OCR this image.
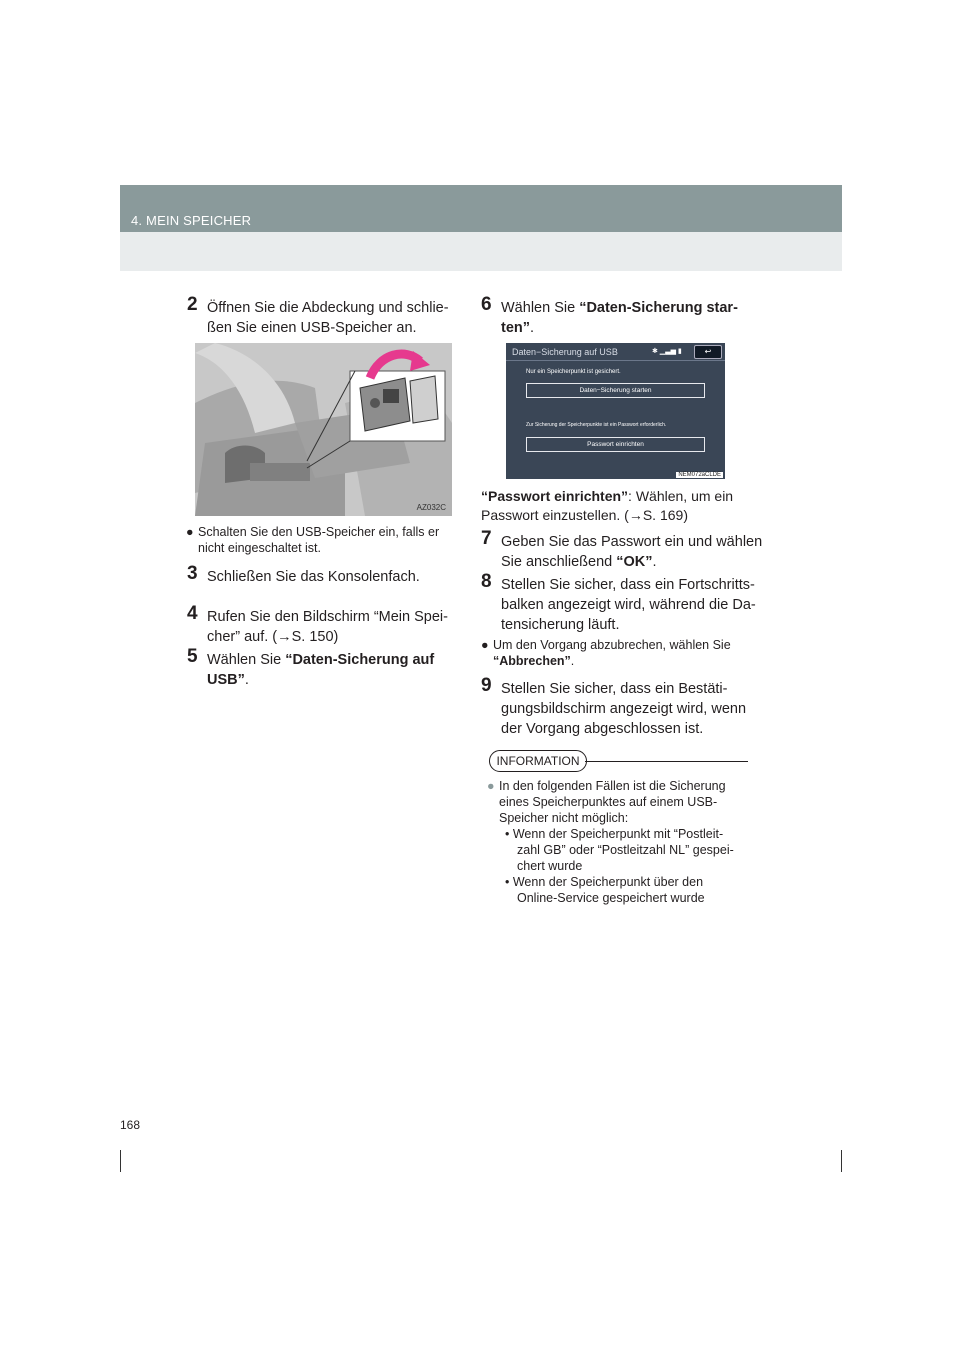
4. MEIN SPEICHER
2 Öffnen Sie die Abdeckung und schlie-
ßen Sie einen USB-Speicher an.
AZ032C
● Schalten Sie den USB-Speicher ein, falls er
nicht eingeschaltet ist.
3 Schließen Sie das Konsolenfach.
4 Rufen Sie den Bildschirm “Mein Spei-
cher” auf. (→S. 150)
5 Wählen Sie “Daten-Sicherung auf
USB”.
6 Wählen Sie “Daten-Sicherung star-
ten”.
Daten−Sicherung auf USB	✱ ▁▃▅ ▮	↩
Nur ein Speicherpunkt ist gesichert.
Daten−Sicherung starten
Zur Sicherung der Speicherpunkte ist ein Passwort erforderlich.
Passwort einrichten
NEM072aCLDE
“Passwort einrichten”: Wählen, um ein
Passwort einzustellen. (→S. 169)
7 Geben Sie das Passwort ein und wählen
Sie anschließend “OK”.
8 Stellen Sie sicher, dass ein Fortschritts-
balken angezeigt wird, während die Da-
tensicherung läuft.
● Um den Vorgang abzubrechen, wählen Sie
“Abbrechen”.
9 Stellen Sie sicher, dass ein Bestäti-
gungsbildschirm angezeigt wird, wenn
der Vorgang abgeschlossen ist.
INFORMATION
● In den folgenden Fällen ist die Sicherung
eines Speicherpunktes auf einem USB-
Speicher nicht möglich:
• Wenn der Speicherpunkt mit “Postleit-
zahl GB” oder “Postleitzahl NL” gespei-
chert wurde
• Wenn der Speicherpunkt über den
Online-Service gespeichert wurde
168
